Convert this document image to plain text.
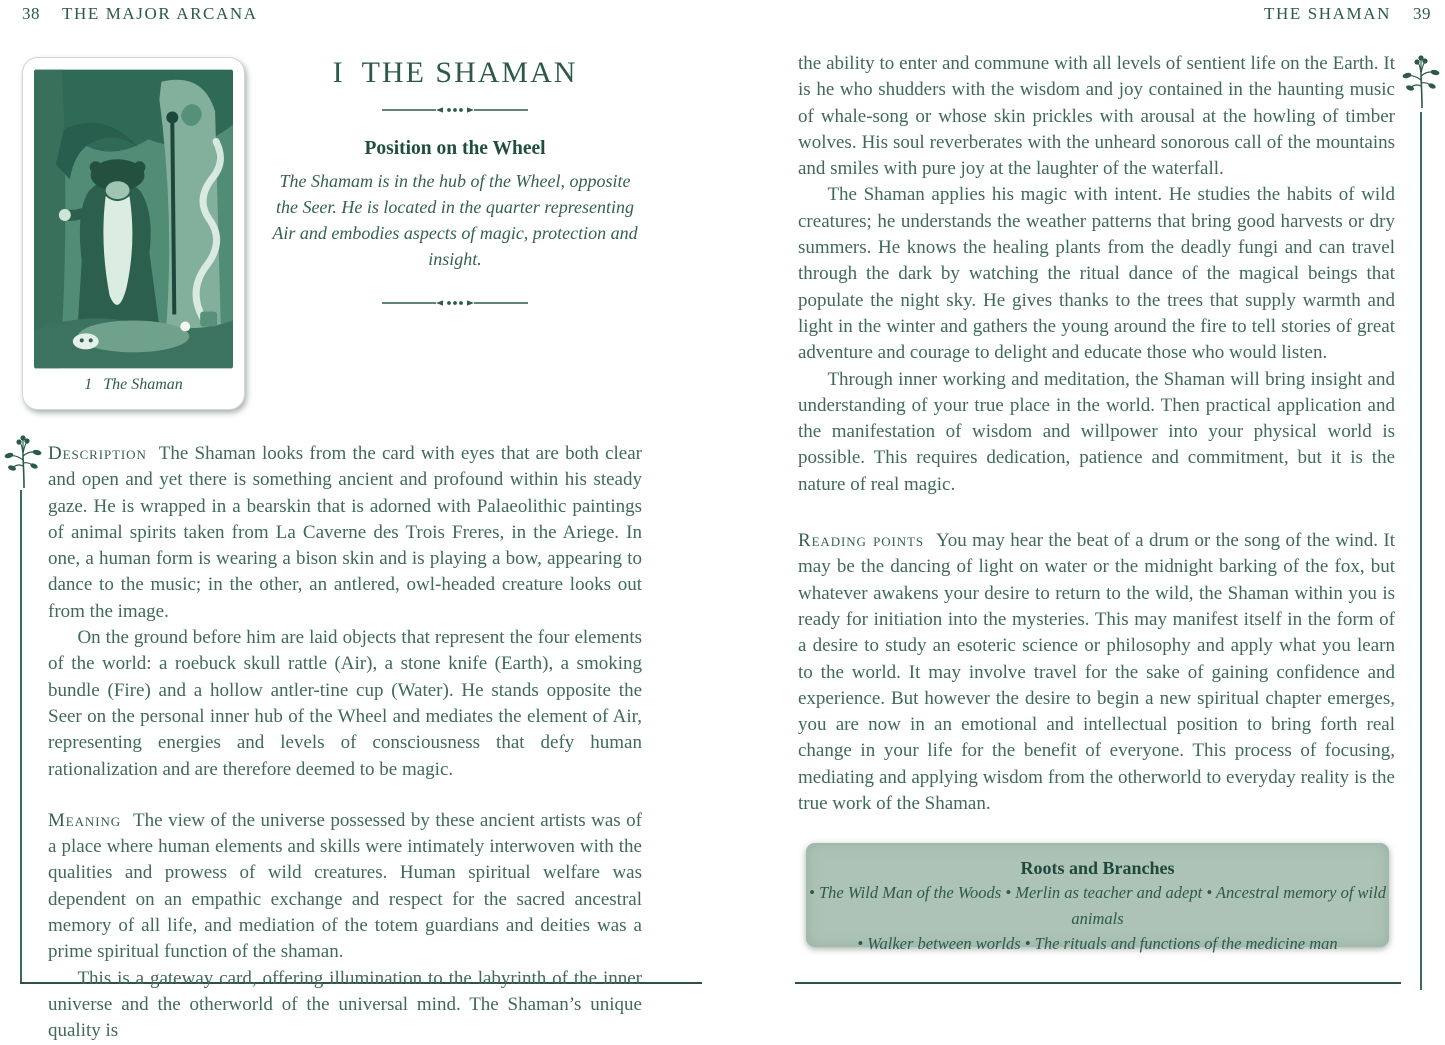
38 THE MAJOR ARCANA	THE SHAMAN 39
1 The Shaman
I THE SHAMAN
Position on the Wheel

The Shamam is in the hub of the Wheel, opposite the Seer. He is located in the quarter representing Air and embodies aspects of magic, protection and insight.

Description The Shaman looks from the card with eyes that are both clear and open and yet there is something ancient and profound within his steady gaze. He is wrapped in a bearskin that is adorned with Palaeolithic paintings of animal spirits taken from La Caverne des Trois Freres, in the Ariege. In one, a human form is wearing a bison skin and is playing a bow, appearing to dance to the music; in the other, an antlered, owl-headed creature looks out from the image.

On the ground before him are laid objects that represent the four elements of the world: a roebuck skull rattle (Air), a stone knife (Earth), a smoking bundle (Fire) and a hollow antler-tine cup (Water). He stands opposite the Seer on the personal inner hub of the Wheel and mediates the element of Air, representing energies and levels of consciousness that defy human rationalization and are therefore deemed to be magic.

Meaning The view of the universe possessed by these ancient artists was of a place where human elements and skills were intimately interwoven with the qualities and prowess of wild creatures. Human spiritual welfare was dependent on an empathic exchange and respect for the sacred ancestral memory of all life, and mediation of the totem guardians and deities was a prime spiritual function of the shaman.

This is a gateway card, offering illumination to the labyrinth of the inner universe and the otherworld of the universal mind. The Shaman’s unique quality is

the ability to enter and commune with all levels of sentient life on the Earth. It is he who shudders with the wisdom and joy contained in the haunting music of whale-song or whose skin prickles with arousal at the howling of timber wolves. His soul reverberates with the unheard sonorous call of the mountains and smiles with pure joy at the laughter of the waterfall.

The Shaman applies his magic with intent. He studies the habits of wild creatures; he understands the weather patterns that bring good harvests or dry summers. He knows the healing plants from the deadly fungi and can travel through the dark by watching the ritual dance of the magical beings that populate the night sky. He gives thanks to the trees that supply warmth and light in the winter and gathers the young around the fire to tell stories of great adventure and courage to delight and educate those who would listen.

Through inner working and meditation, the Shaman will bring insight and understanding of your true place in the world. Then practical application and the manifestation of wisdom and willpower into your physical world is possible. This requires dedication, patience and commitment, but it is the nature of real magic.

Reading points You may hear the beat of a drum or the song of the wind. It may be the dancing of light on water or the midnight barking of the fox, but whatever awakens your desire to return to the wild, the Shaman within you is ready for initiation into the mysteries. This may manifest itself in the form of a desire to study an esoteric science or philosophy and apply what you learn to the world. It may involve travel for the sake of gaining confidence and experience. But however the desire to begin a new spiritual chapter emerges, you are now in an emotional and intellectual position to bring forth real change in your life for the benefit of everyone. This process of focusing, mediating and applying wisdom from the otherworld to everyday reality is the true work of the Shaman.

Roots and Branches
• The Wild Man of the Woods • Merlin as teacher and adept • Ancestral memory of wild animals
• Walker between worlds • The rituals and functions of the medicine man
